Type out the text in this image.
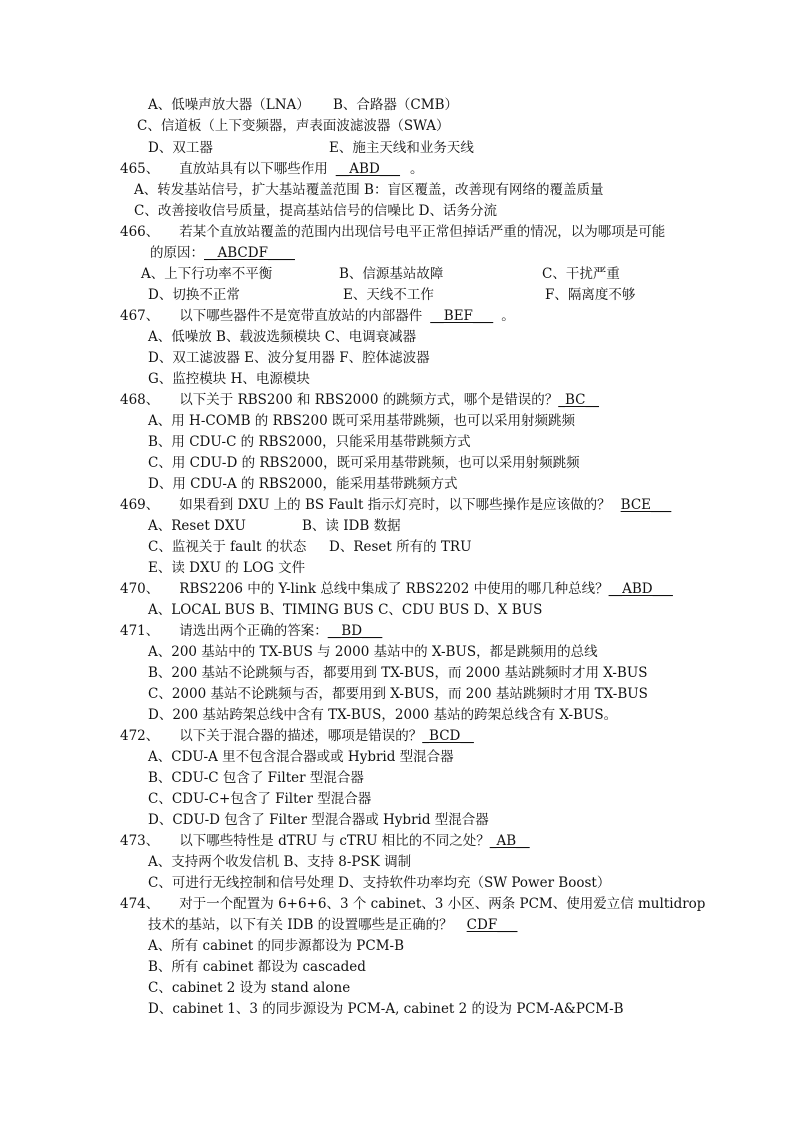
A、低噪声放大器（LNA） B、合路器（CMB）
C、信道板（上下变频器，声表面波滤波器（SWA）
D、双工器	E、施主天线和业务天线
465、 直放站具有以下哪些作用 __ABD___ 。
A、转发基站信号，扩大基站覆盖范围 B：盲区覆盖，改善现有网络的覆盖质量
C、改善接收信号质量，提高基站信号的信噪比 D、话务分流
466、 若某个直放站覆盖的范围内出现信号电平正常但掉话严重的情况，以为哪项是可能
的原因：__ABCDF____
A、上下行功率不平衡	B、信源基站故障	C、干扰严重
D、切换不正常	E、天线不工作	F、隔离度不够
467、 以下哪些器件不是宽带直放站的内部器件 __BEF___ 。
A、低噪放 B、载波选频模块 C、电调衰减器
D、双工滤波器 E、波分复用器 F、腔体滤波器
G、监控模块 H、电源模块
468、 以下关于 RBS200 和 RBS2000 的跳频方式，哪个是错误的？_BC__
A、用 H-COMB 的 RBS200 既可采用基带跳频，也可以采用射频跳频
B、用 CDU-C 的 RBS2000，只能采用基带跳频方式
C、用 CDU-D 的 RBS2000，既可采用基带跳频，也可以采用射频跳频
D、用 CDU-A 的 RBS2000，能采用基带跳频方式
469、 如果看到 DXU 上的 BS Fault 指示灯亮时，以下哪些操作是应该做的？ BCE___
A、Reset DXU	B、读 IDB 数据
C、监视关于 fault 的状态 D、Reset 所有的 TRU
E、读 DXU 的 LOG 文件
470、 RBS2206 中的 Y-link 总线中集成了 RBS2202 中使用的哪几种总线？__ABD___
A、LOCAL BUS B、TIMING BUS C、CDU BUS D、X BUS
471、 请选出两个正确的答案：__BD___
A、200 基站中的 TX-BUS 与 2000 基站中的 X-BUS，都是跳频用的总线
B、200 基站不论跳频与否，都要用到 TX-BUS，而 2000 基站跳频时才用 X-BUS
C、2000 基站不论跳频与否，都要用到 X-BUS，而 200 基站跳频时才用 TX-BUS
D、200 基站跨架总线中含有 TX-BUS，2000 基站的跨架总线含有 X-BUS。
472、 以下关于混合器的描述，哪项是错误的？_BCD__
A、CDU-A 里不包含混合器或或 Hybrid 型混合器
B、CDU-C 包含了 Filter 型混合器
C、CDU-C+包含了 Filter 型混合器
D、CDU-D 包含了 Filter 型混合器或 Hybrid 型混合器
473、 以下哪些特性是 dTRU 与 cTRU 相比的不同之处？_AB__
A、支持两个收发信机 B、支持 8-PSK 调制
C、可进行无线控制和信号处理 D、支持软件功率均充（SW Power Boost）
474、 对于一个配置为 6+6+6、3 个 cabinet、3 小区、两条 PCM、使用爱立信 multidrop
技术的基站，以下有关 IDB 的设置哪些是正确的？ CDF___
A、所有 cabinet 的同步源都设为 PCM-B
B、所有 cabinet 都设为 cascaded
C、cabinet 2 设为 stand alone
D、cabinet 1、3 的同步源设为 PCM-A, cabinet 2 的设为 PCM-A&PCM-B
